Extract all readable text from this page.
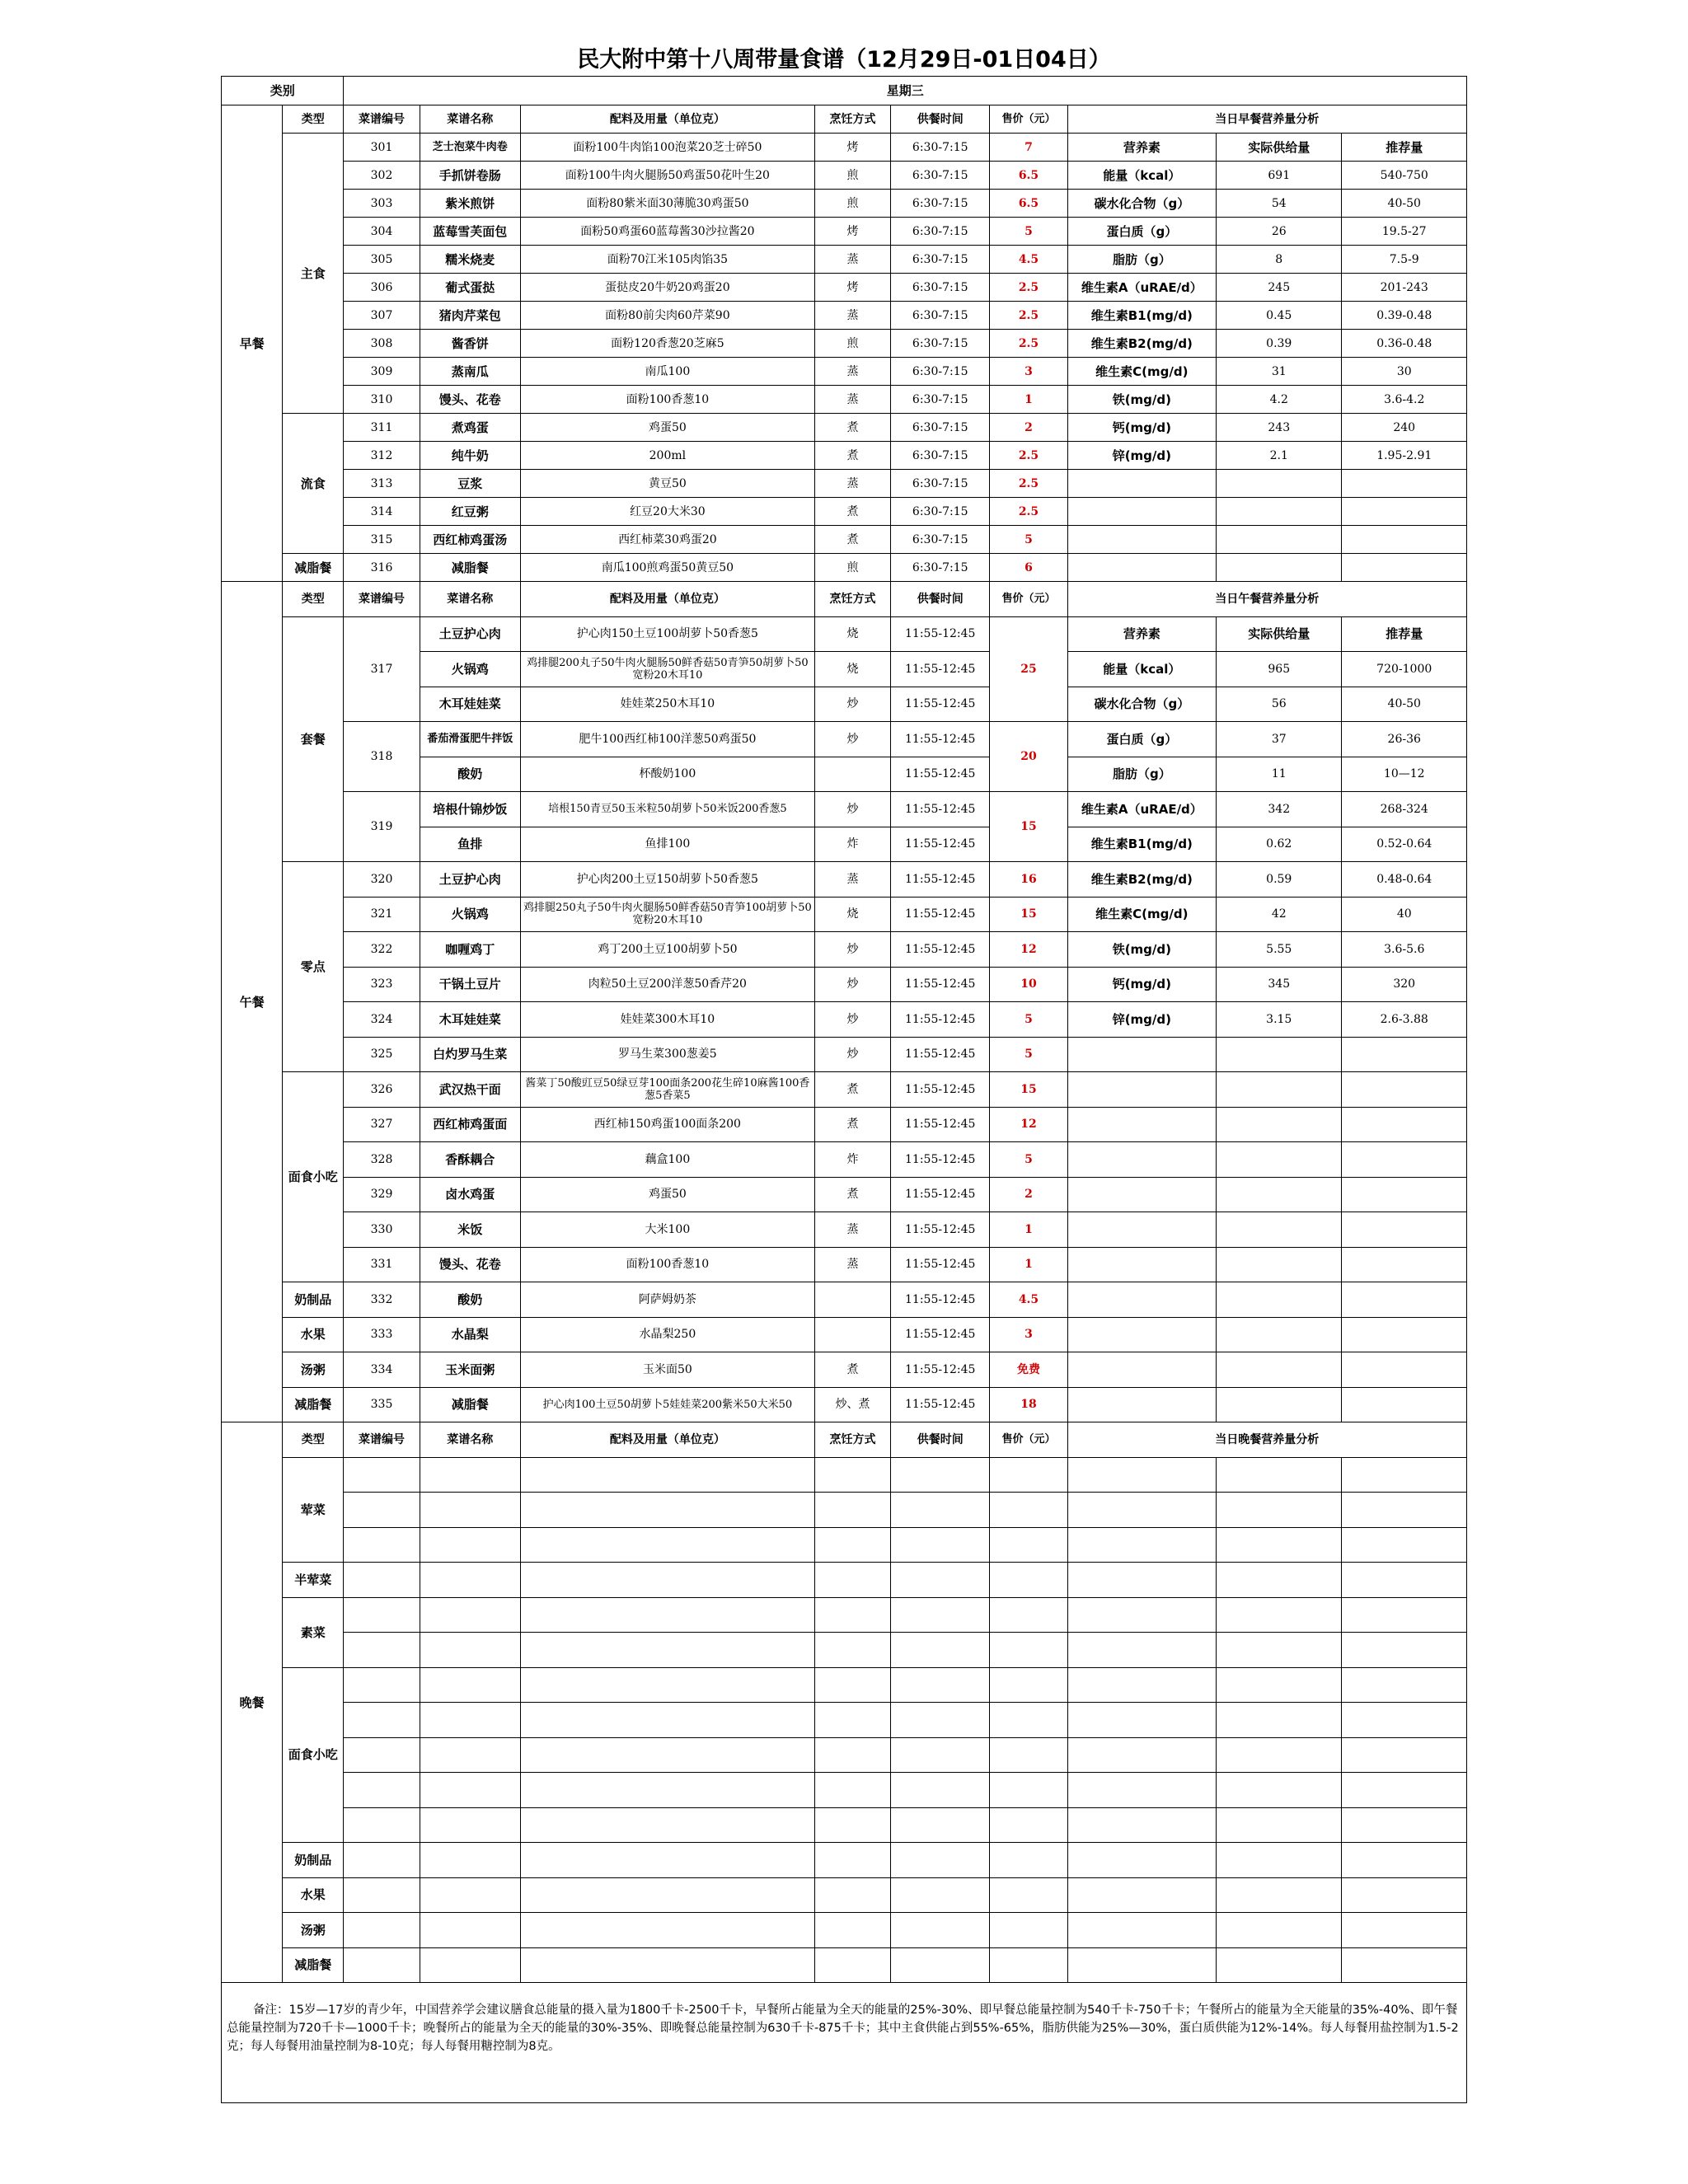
民大附中第十八周带量食谱（12月29日-01日04日）
类别		星期三								
早餐	类型	菜谱编号	菜谱名称	配料及用量（单位克）	烹饪方式	供餐时间	售价（元）	当日早餐营养量分析		
	主食	301	芝士泡菜牛肉卷	面粉100牛肉馅100泡菜20芝士碎50	烤	6:30-7:15	7	营养素	实际供给量	推荐量
		302	手抓饼卷肠	面粉100牛肉火腿肠50鸡蛋50花叶生20	煎	6:30-7:15	6.5	能量（kcal）	691	540-750
		303	紫米煎饼	面粉80紫米面30薄脆30鸡蛋50	煎	6:30-7:15	6.5	碳水化合物（g）	54	40-50
		304	蓝莓雪芙面包	面粉50鸡蛋60蓝莓酱30沙拉酱20	烤	6:30-7:15	5	蛋白质（g）	26	19.5-27
		305	糯米烧麦	面粉70江米105肉馅35	蒸	6:30-7:15	4.5	脂肪（g）	8	7.5-9
		306	葡式蛋挞	蛋挞皮20牛奶20鸡蛋20	烤	6:30-7:15	2.5	维生素A（uRAE/d）	245	201-243
		307	猪肉芹菜包	面粉80前尖肉60芹菜90	蒸	6:30-7:15	2.5	维生素B1(mg/d)	0.45	0.39-0.48
		308	酱香饼	面粉120香葱20芝麻5	煎	6:30-7:15	2.5	维生素B2(mg/d)	0.39	0.36-0.48
		309	蒸南瓜	南瓜100	蒸	6:30-7:15	3	维生素C(mg/d)	31	30
		310	馒头、花卷	面粉100香葱10	蒸	6:30-7:15	1	铁(mg/d)	4.2	3.6-4.2
	流食	311	煮鸡蛋	鸡蛋50	煮	6:30-7:15	2	钙(mg/d)	243	240
		312	纯牛奶	200ml	煮	6:30-7:15	2.5	锌(mg/d)	2.1	1.95-2.91
		313	豆浆	黄豆50	蒸	6:30-7:15	2.5			
		314	红豆粥	红豆20大米30	煮	6:30-7:15	2.5			
		315	西红柿鸡蛋汤	西红柿菜30鸡蛋20	煮	6:30-7:15	5			
	减脂餐	316	减脂餐	南瓜100煎鸡蛋50黄豆50	煎	6:30-7:15	6			
午餐	类型	菜谱编号	菜谱名称	配料及用量（单位克）	烹饪方式	供餐时间	售价（元）	当日午餐营养量分析		
	套餐	317	土豆护心肉	护心肉150土豆100胡萝卜50香葱5	烧	11:55-12:45	25	营养素	实际供给量	推荐量
			火锅鸡	鸡排腿200丸子50牛肉火腿肠50鲜香菇50青笋50胡萝卜50宽粉20木耳10	烧	11:55-12:45		能量（kcal）	965	720-1000
			木耳娃娃菜	娃娃菜250木耳10	炒	11:55-12:45		碳水化合物（g）	56	40-50
		318	番茄滑蛋肥牛拌饭	肥牛100西红柿100洋葱50鸡蛋50	炒	11:55-12:45	20	蛋白质（g）	37	26-36
			酸奶	杯酸奶100		11:55-12:45		脂肪（g）	11	10—12
		319	培根什锦炒饭	培根150青豆50玉米粒50胡萝卜50米饭200香葱5	炒	11:55-12:45	15	维生素A（uRAE/d）	342	268-324
			鱼排	鱼排100	炸	11:55-12:45		维生素B1(mg/d)	0.62	0.52-0.64
	零点	320	土豆护心肉	护心肉200土豆150胡萝卜50香葱5	蒸	11:55-12:45	16	维生素B2(mg/d)	0.59	0.48-0.64
		321	火锅鸡	鸡排腿250丸子50牛肉火腿肠50鲜香菇50青笋100胡萝卜50宽粉20木耳10	烧	11:55-12:45	15	维生素C(mg/d)	42	40
		322	咖喱鸡丁	鸡丁200土豆100胡萝卜50	炒	11:55-12:45	12	铁(mg/d)	5.55	3.6-5.6
		323	干锅土豆片	肉粒50土豆200洋葱50香芹20	炒	11:55-12:45	10	钙(mg/d)	345	320
		324	木耳娃娃菜	娃娃菜300木耳10	炒	11:55-12:45	5	锌(mg/d)	3.15	2.6-3.88
		325	白灼罗马生菜	罗马生菜300葱姜5	炒	11:55-12:45	5			
	面食小吃	326	武汉热干面	酱菜丁50酸豇豆50绿豆芽100面条200花生碎10麻酱100香葱5香菜5	煮	11:55-12:45	15			
		327	西红柿鸡蛋面	西红柿150鸡蛋100面条200	煮	11:55-12:45	12			
		328	香酥耦合	藕盒100	炸	11:55-12:45	5			
		329	卤水鸡蛋	鸡蛋50	煮	11:55-12:45	2			
		330	米饭	大米100	蒸	11:55-12:45	1			
		331	馒头、花卷	面粉100香葱10	蒸	11:55-12:45	1			
	奶制品	332	酸奶	阿萨姆奶茶		11:55-12:45	4.5			
	水果	333	水晶梨	水晶梨250		11:55-12:45	3			
	汤粥	334	玉米面粥	玉米面50	煮	11:55-12:45	免费			
	减脂餐	335	减脂餐	护心肉100土豆50胡萝卜5娃娃菜200紫米50大米50	炒、煮	11:55-12:45	18			
晚餐	类型	菜谱编号	菜谱名称	配料及用量（单位克）	烹饪方式	供餐时间	售价（元）	当日晚餐营养量分析		
	荤菜									

	半荤菜									
	素菜									

	面食小吃									

	奶制品									
	水果									
	汤粥									
	减脂餐									
备注：15岁—17岁的青少年，中国营养学会建议膳食总能量的摄入量为1800千卡-2500千卡，早餐所占能量为全天的能量的25%-30%、即早餐总能量控制为540千卡-750千卡；午餐所占的能量为全天能量的35%-40%、即午餐总能量控制为720千卡—1000千卡；晚餐所占的能量为全天的能量的30%-35%、即晚餐总能量控制为630千卡-875千卡；其中主食供能占到55%-65%，脂肪供能为25%—30%，蛋白质供能为12%-14%。每人每餐用盐控制为1.5-2克；每人每餐用油量控制为8-10克；每人每餐用糖控制为8克。										
